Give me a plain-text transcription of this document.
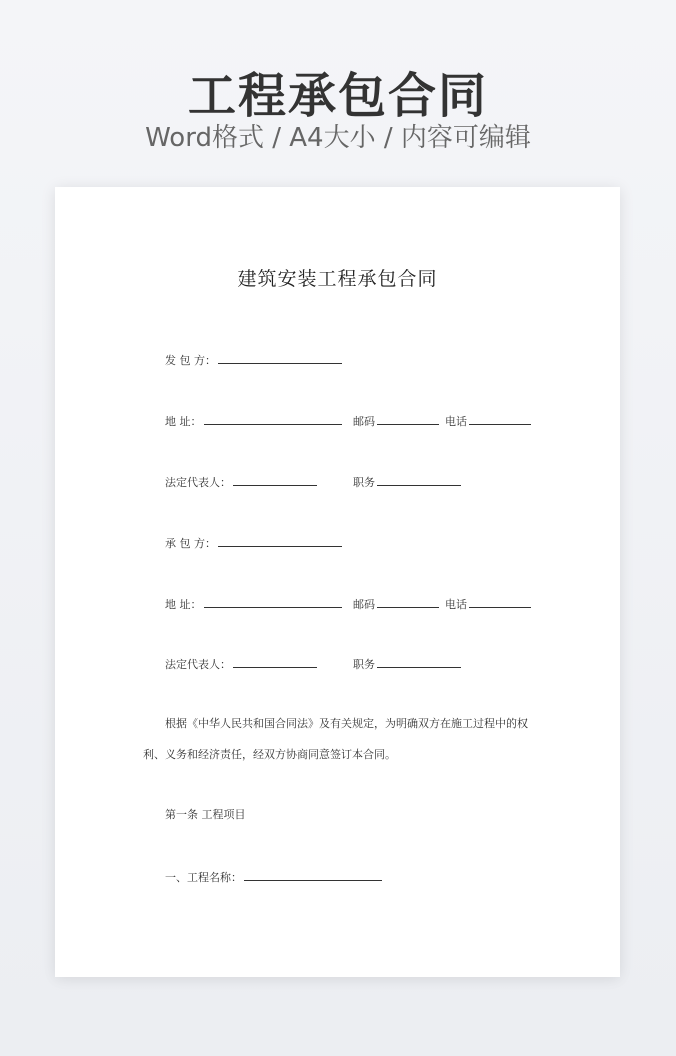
工程承包合同
Word格式 / A4大小 / 内容可编辑
建筑安装工程承包合同
发 包 方：
地 址：	邮码	电话
法定代表人：	职务
承 包 方：
地 址：	邮码	电话
法定代表人：	职务
根据《中华人民共和国合同法》及有关规定，为明确双方在施工过程中的权
利、义务和经济责任，经双方协商同意签订本合同。
第一条 工程项目
一、工程名称：
